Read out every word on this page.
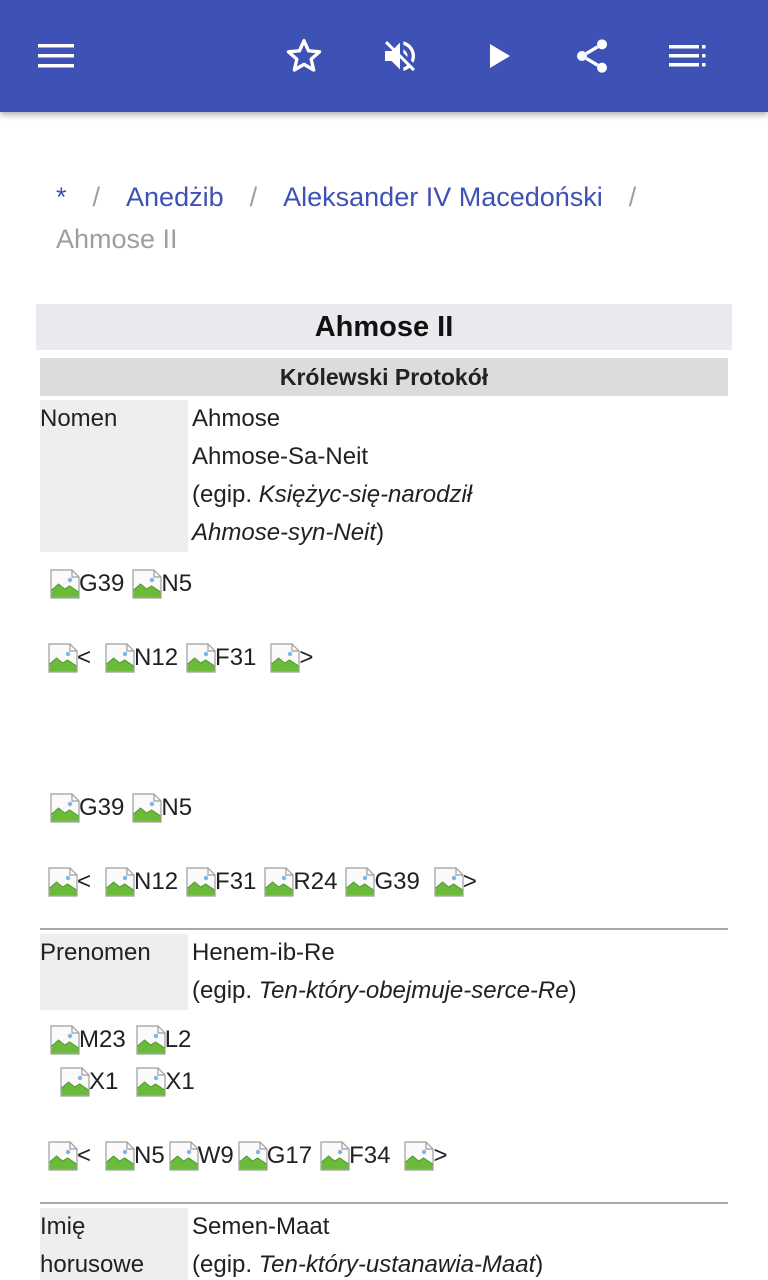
* / Anedżib / Aleksander IV Macedoński /
Ahmose II
Ahmose II
Królewski Protokół
Nomen	Ahmose
Ahmose-Sa-Neit
(egip. Księżyc-się-narodził
Ahmose-syn-Neit)
G39 N5
< N12 F31 >
G39 N5
< N12 F31 R24 G39 >
Prenomen	Henem-ib-Re
(egip. Ten-który-obejmuje-serce-Re)
M23 L2
X1 X1
< N5 W9 G17 F34 >
Imię
horusowe
Semen-Maat
(egip. Ten-który-ustanawia-Maat)
